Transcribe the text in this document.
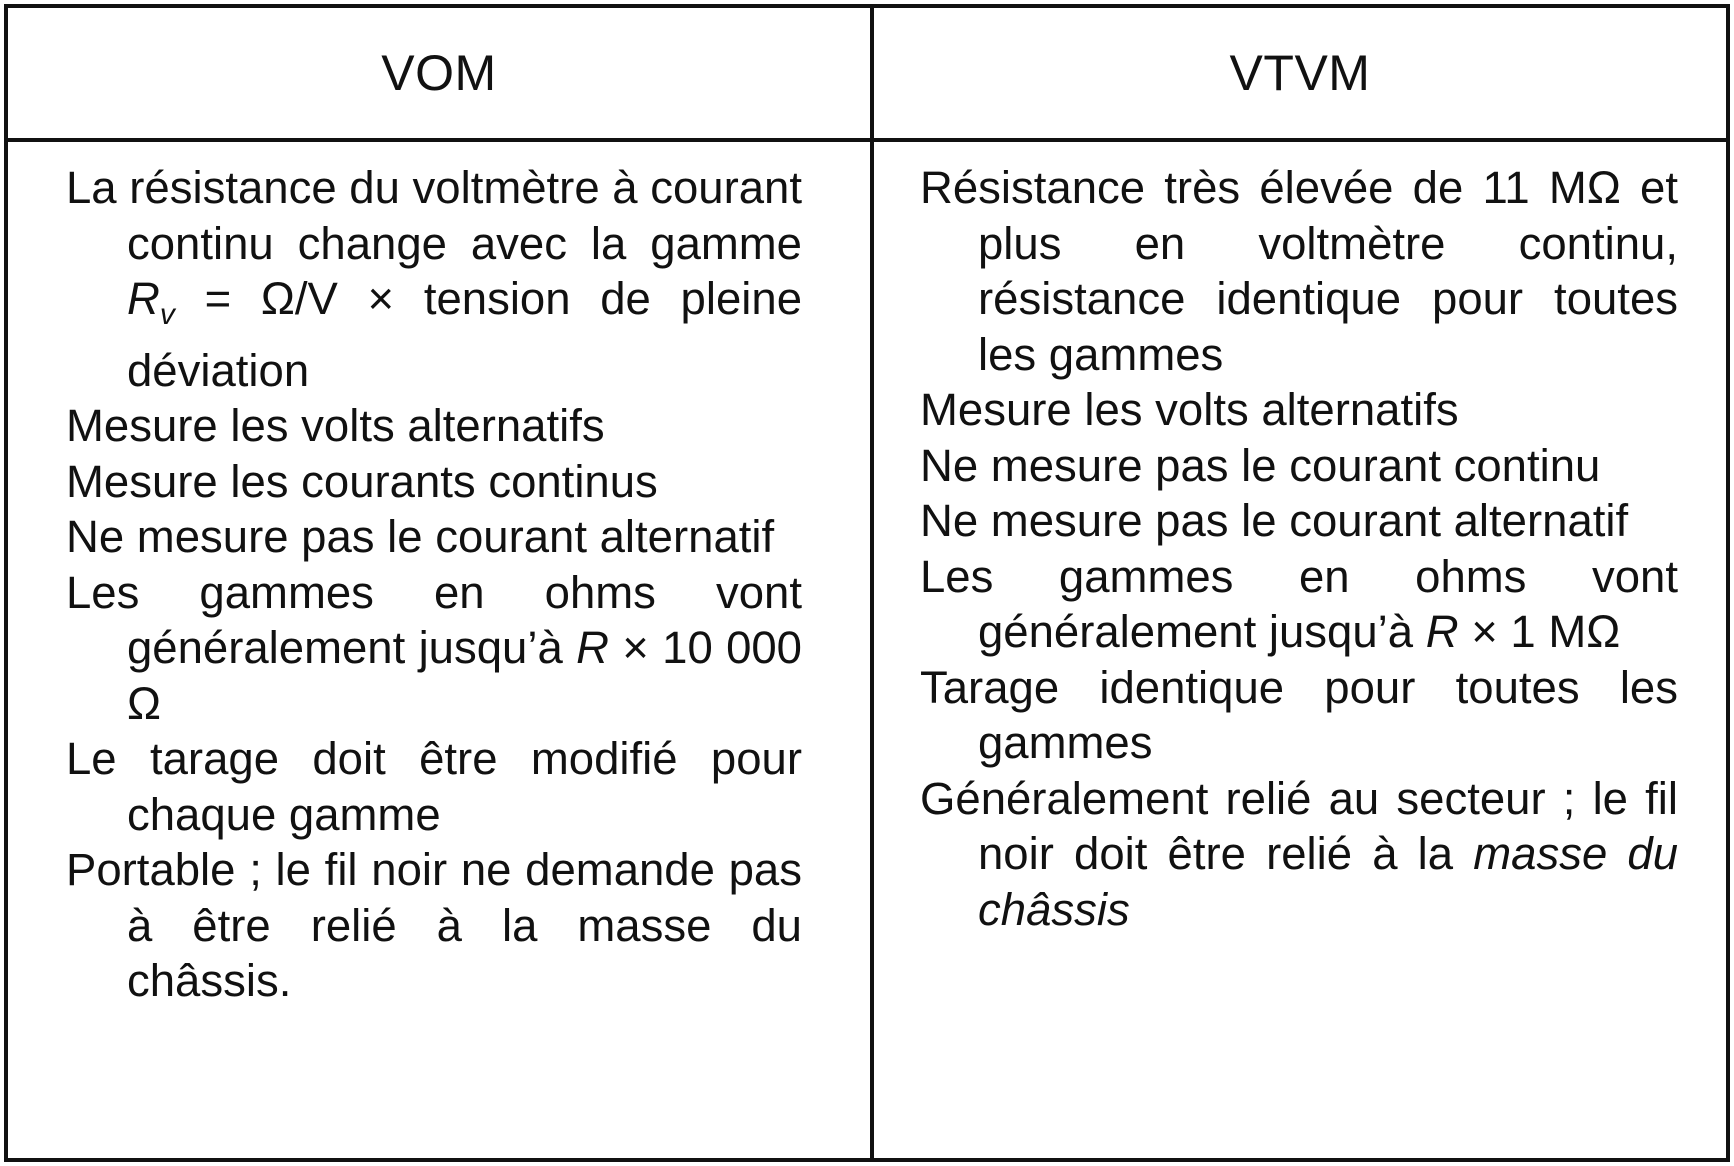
VOM	VTVM

La résistance du voltmètre à courant continu change avec la gamme $R_v = \Omega/V$ × tension de pleine déviation

Mesure les volts alternatifs

Mesure les courants continus

Ne mesure pas le courant alternatif

Les gammes en ohms vont généralement jusqu’à R × 10 000 Ω

Le tarage doit être modifié pour chaque gamme

Portable ; le fil noir ne demande pas à être relié à la masse du châssis.

Résistance très élevée de 11 MΩ et plus en voltmètre continu, résistance identique pour toutes les gammes

Mesure les volts alternatifs

Ne mesure pas le courant continu

Ne mesure pas le courant alternatif

Les gammes en ohms vont généralement jusqu’à R × 1 MΩ

Tarage identique pour toutes les gammes

Généralement relié au secteur ; le fil noir doit être relié à la masse du châssis
